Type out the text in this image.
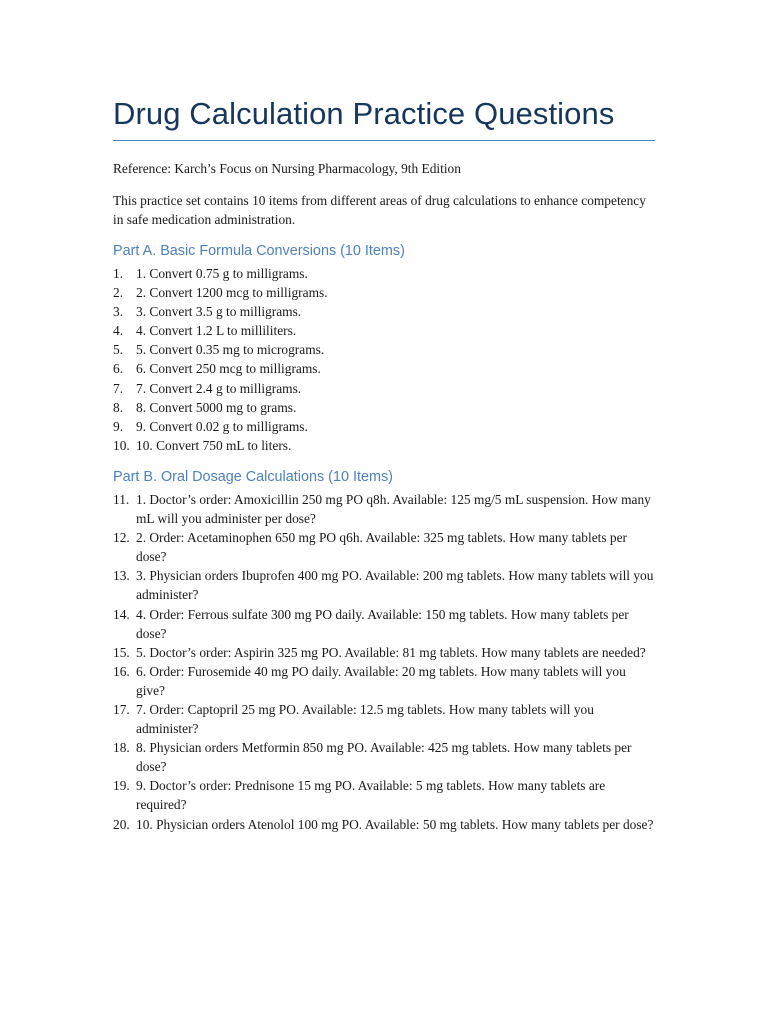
Drug Calculation Practice Questions

Reference: Karch’s Focus on Nursing Pharmacology, 9th Edition

This practice set contains 10 items from different areas of drug calculations to enhance competency in safe medication administration.

Part A. Basic Formula Conversions (10 Items)
1. 1. Convert 0.75 g to milligrams.
2. 2. Convert 1200 mcg to milligrams.
3. 3. Convert 3.5 g to milligrams.
4. 4. Convert 1.2 L to milliliters.
5. 5. Convert 0.35 mg to micrograms.
6. 6. Convert 250 mcg to milligrams.
7. 7. Convert 2.4 g to milligrams.
8. 8. Convert 5000 mg to grams.
9. 9. Convert 0.02 g to milligrams.
10. 10. Convert 750 mL to liters.
Part B. Oral Dosage Calculations (10 Items)
11. 1. Doctor’s order: Amoxicillin 250 mg PO q8h. Available: 125 mg/5 mL suspension. How many mL will you administer per dose?
12. 2. Order: Acetaminophen 650 mg PO q6h. Available: 325 mg tablets. How many tablets per dose?
13. 3. Physician orders Ibuprofen 400 mg PO. Available: 200 mg tablets. How many tablets will you administer?
14. 4. Order: Ferrous sulfate 300 mg PO daily. Available: 150 mg tablets. How many tablets per dose?
15. 5. Doctor’s order: Aspirin 325 mg PO. Available: 81 mg tablets. How many tablets are needed?
16. 6. Order: Furosemide 40 mg PO daily. Available: 20 mg tablets. How many tablets will you give?
17. 7. Order: Captopril 25 mg PO. Available: 12.5 mg tablets. How many tablets will you administer?
18. 8. Physician orders Metformin 850 mg PO. Available: 425 mg tablets. How many tablets per dose?
19. 9. Doctor’s order: Prednisone 15 mg PO. Available: 5 mg tablets. How many tablets are required?
20. 10. Physician orders Atenolol 100 mg PO. Available: 50 mg tablets. How many tablets per dose?
